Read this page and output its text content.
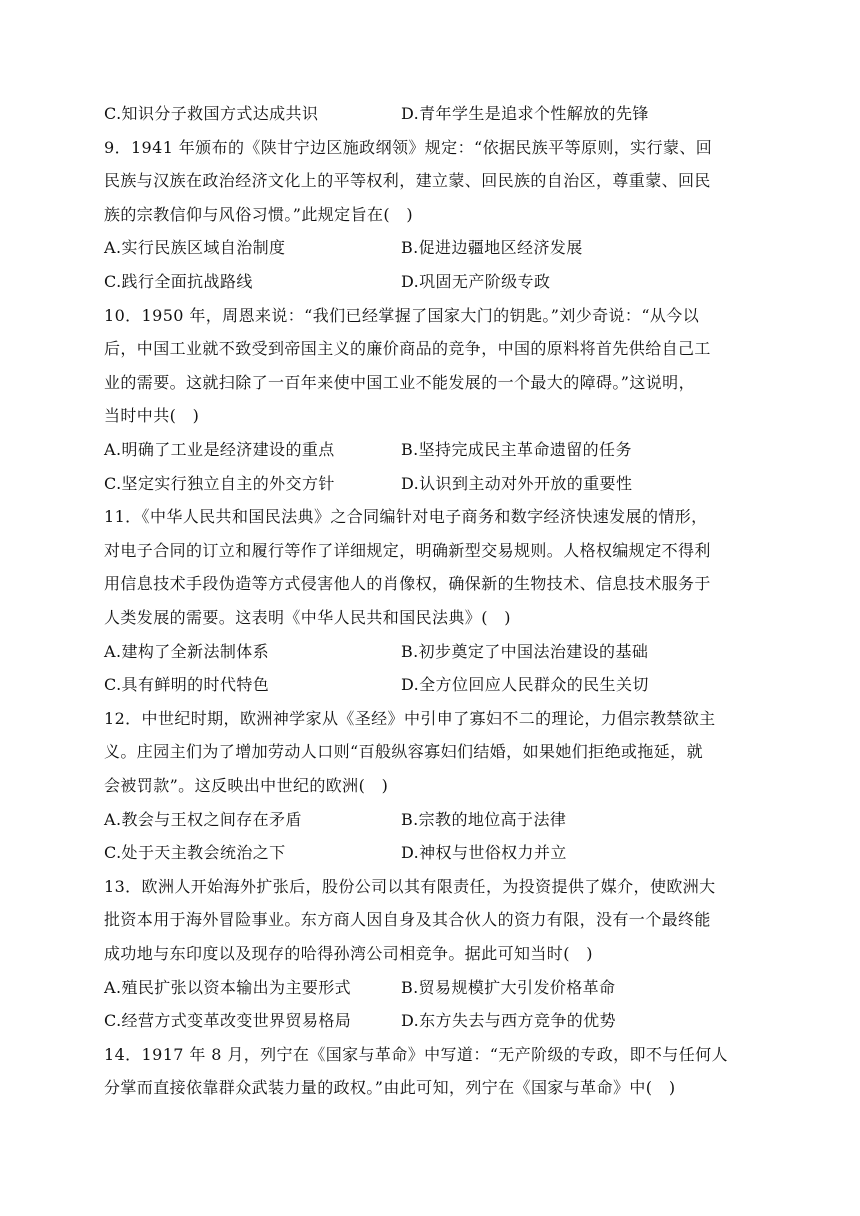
C.知识分子救国方式达成共识	D.青年学生是追求个性解放的先锋
9．1941 年颁布的《陕甘宁边区施政纲领》规定：“依据民族平等原则，实行蒙、回
民族与汉族在政治经济文化上的平等权利，建立蒙、回民族的自治区，尊重蒙、回民
族的宗教信仰与风俗习惯。”此规定旨在(　)
A.实行民族区域自治制度	B.促进边疆地区经济发展
C.践行全面抗战路线	D.巩固无产阶级专政
10．1950 年，周恩来说：“我们已经掌握了国家大门的钥匙。”刘少奇说：“从今以
后，中国工业就不致受到帝国主义的廉价商品的竞争，中国的原料将首先供给自己工
业的需要。这就扫除了一百年来使中国工业不能发展的一个最大的障碍。”这说明，
当时中共(　)
A.明确了工业是经济建设的重点	B.坚持完成民主革命遗留的任务
C.坚定实行独立自主的外交方针	D.认识到主动对外开放的重要性
11．《中华人民共和国民法典》之合同编针对电子商务和数字经济快速发展的情形，
对电子合同的订立和履行等作了详细规定，明确新型交易规则。人格权编规定不得利
用信息技术手段伪造等方式侵害他人的肖像权，确保新的生物技术、信息技术服务于
人类发展的需要。这表明《中华人民共和国民法典》(　)
A.建构了全新法制体系	B.初步奠定了中国法治建设的基础
C.具有鲜明的时代特色	D.全方位回应人民群众的民生关切
12．中世纪时期，欧洲神学家从《圣经》中引申了寡妇不二的理论，力倡宗教禁欲主
义。庄园主们为了增加劳动人口则“百般纵容寡妇们结婚，如果她们拒绝或拖延，就
会被罚款”。这反映出中世纪的欧洲(　)
A.教会与王权之间存在矛盾	B.宗教的地位高于法律
C.处于天主教会统治之下	D.神权与世俗权力并立
13．欧洲人开始海外扩张后，股份公司以其有限责任，为投资提供了媒介，使欧洲大
批资本用于海外冒险事业。东方商人因自身及其合伙人的资力有限，没有一个最终能
成功地与东印度以及现存的哈得孙湾公司相竞争。据此可知当时(　)
A.殖民扩张以资本输出为主要形式	B.贸易规模扩大引发价格革命
C.经营方式变革改变世界贸易格局	D.东方失去与西方竞争的优势
14．1917 年 8 月，列宁在《国家与革命》中写道：“无产阶级的专政，即不与任何人
分掌而直接依靠群众武装力量的政权。”由此可知，列宁在《国家与革命》中(　)
